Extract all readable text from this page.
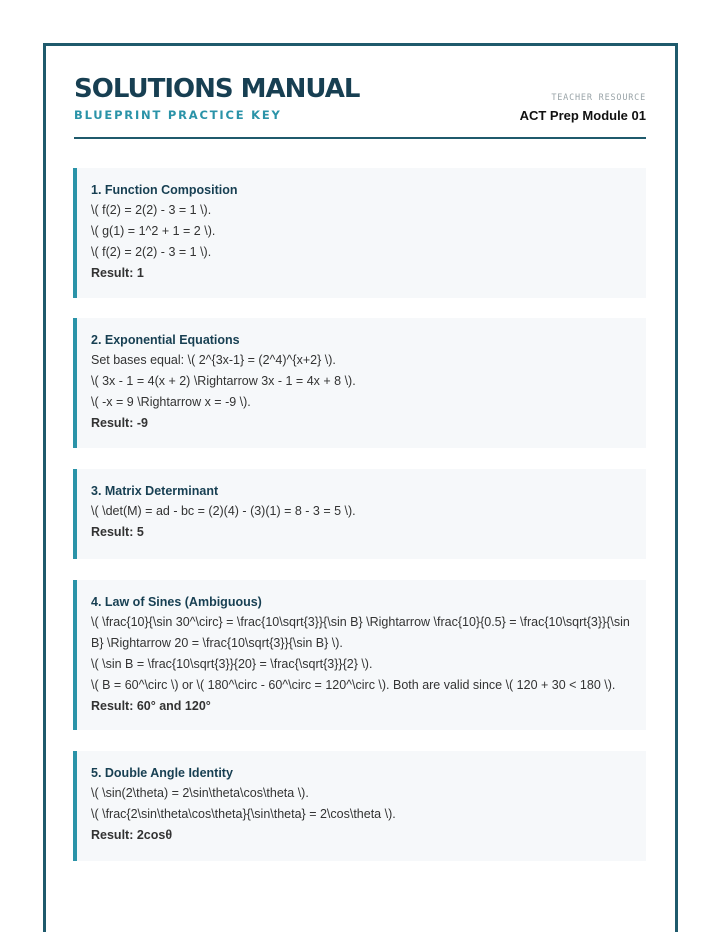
SOLUTIONS MANUAL
BLUEPRINT PRACTICE KEY
TEACHER RESOURCE
ACT Prep Module 01
1. Function Composition
\( f(2) = 2(2) - 3 = 1 \).
\( g(1) = 1^2 + 1 = 2 \).
\( f(2) = 2(2) - 3 = 1 \).
Result: 1
2. Exponential Equations
Set bases equal: \( 2^{3x-1} = (2^4)^{x+2} \).
\( 3x - 1 = 4(x + 2) \Rightarrow 3x - 1 = 4x + 8 \).
\( -x = 9 \Rightarrow x = -9 \).
Result: -9
3. Matrix Determinant
\( \det(M) = ad - bc = (2)(4) - (3)(1) = 8 - 3 = 5 \).
Result: 5
4. Law of Sines (Ambiguous)
\( \frac{10}{\sin 30^\circ} = \frac{10\sqrt{3}}{\sin B} \Rightarrow \frac{10}{0.5} = \frac{10\sqrt{3}}{\sin B} \Rightarrow 20 = \frac{10\sqrt{3}}{\sin B} \).
\( \sin B = \frac{10\sqrt{3}}{20} = \frac{\sqrt{3}}{2} \).
\( B = 60^\circ \) or \( 180^\circ - 60^\circ = 120^\circ \). Both are valid since \( 120 + 30 < 180 \).
Result: 60° and 120°
5. Double Angle Identity
\( \sin(2\theta) = 2\sin\theta\cos\theta \).
\( \frac{2\sin\theta\cos\theta}{\sin\theta} = 2\cos\theta \).
Result: 2cosθ
